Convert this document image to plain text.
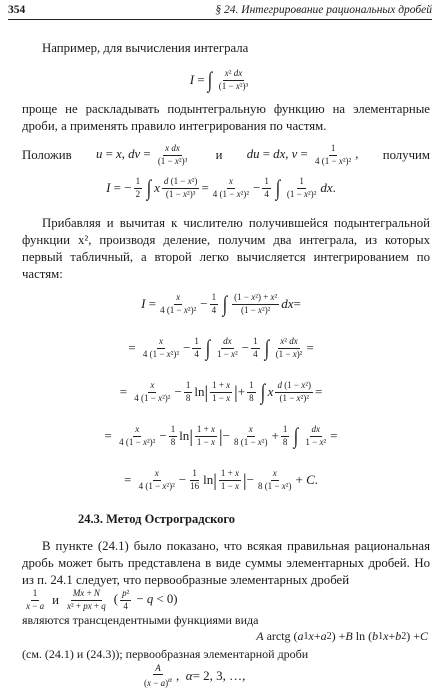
354	§ 24. Интегрирование рациональных дробей
Например, для вычисления интеграла
I = ∫ x² dx
(1 − x²)³
проще не раскладывать подынтегральную функцию на элементарные дроби, а применять правило интегрирования по частям.
Положив u = x, dv = $\frac{\text{x dx}}{\text{(1 − x²)³}}$ и du = dx, $v = \frac{1}{\text{4 (1 − x²)²}}$ , получим
I = − 1
2 ∫ x d (1 − x²)
(1 − x²)³ = x
4 (1 − x²)² − 1
4 ∫ 1
(1 − x²)² dx .
Прибавляя и вычитая к числителю получившейся подынтегральной функции x², производя деление, получим два интеграла, из которых первый табличный, а второй легко вычисляется интегрированием по частям:
I = x
4 (1 − x²)² − 1
4 ∫ (1 − x²) + x²
(1 − x²)² dx =
= x
4 (1 − x²)² − 1
4 ∫ dx
1 − x² − 1
4 ∫ x² dx
(1 − x)² =
= x
4 (1 − x²)² − 1
8 ln | 1 + x
1 − x | + 1
8 ∫ x d (1 − x²)
(1 − x²)² =
= x
4 (1 − x²)² − 1
8 ln | 1 + x
1 − x | − x
8 (1 − x²) + 1
8 ∫ dx
1 − x² =
= x
4 (1 − x²)² − 1
16 ln | 1 + x
1 − x | − x
8 (1 − x²) + C .
24.3. Метод Остроградского
В пункте (24.1) было показано, что всякая правильная рациональная дробь может быть представлена в виде суммы элементарных дробей. Но из п. 24.1 следует, что первообразные элементарных дробей
1
x − a и Mx + N
x² + px + q ( $\frac{\text{p²}}{4} - q < 0$)
являются трансцендентными функциями вида
A arctg ( a 1 x + a 2 ) + B ln ( b 1 x + b 2 ) + C
(см. (24.1) и (24.3)); первообразная элементарной дроби
A
$(x - a)^\alpha$ , α = 2, 3, …,
